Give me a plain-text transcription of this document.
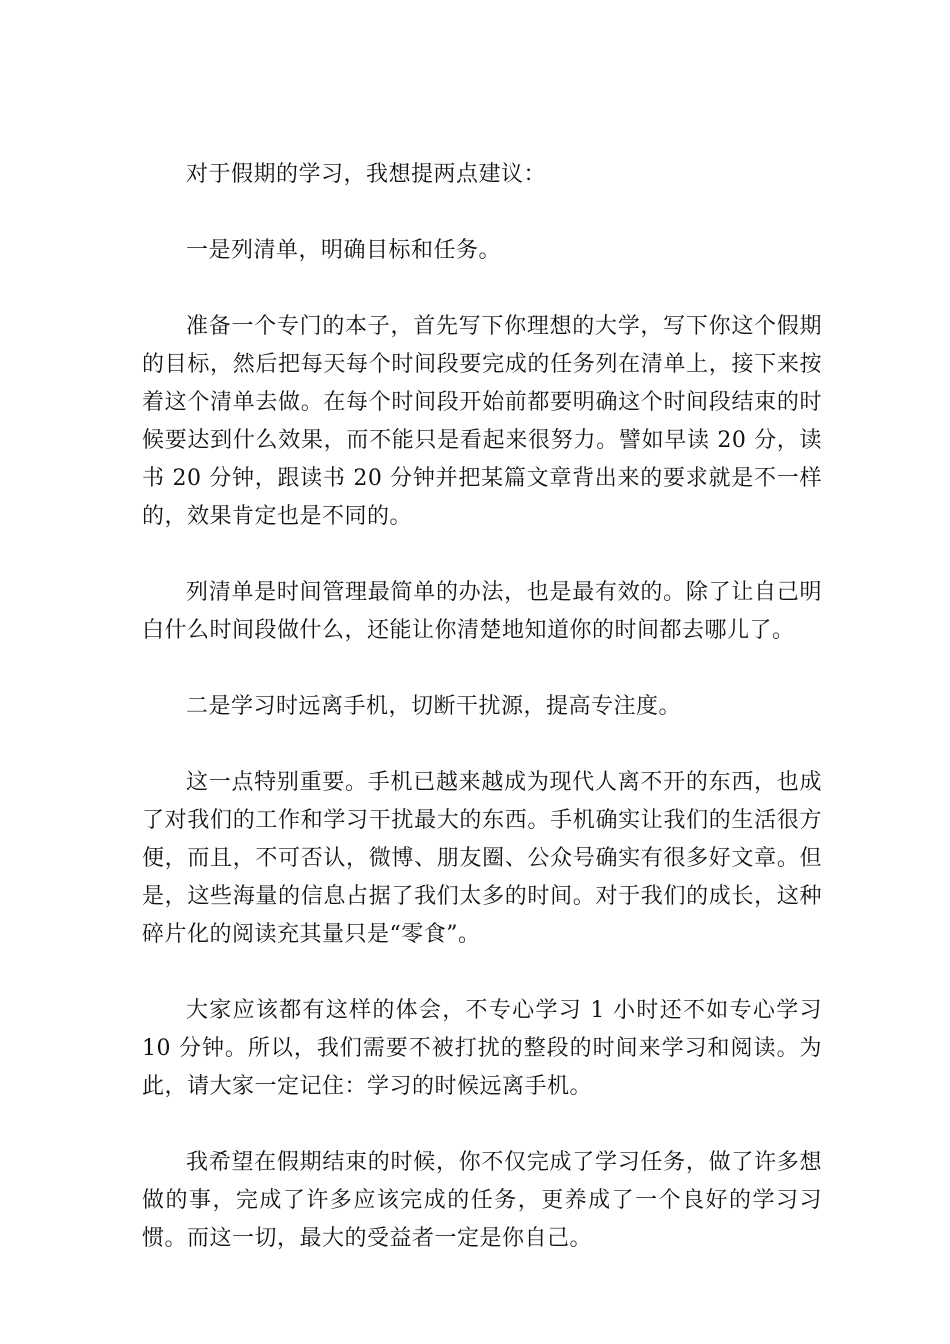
对于假期的学习，我想提两点建议：

一是列清单，明确目标和任务。

准备一个专门的本子，首先写下你理想的大学，写下你这个假期的目标，然后把每天每个时间段要完成的任务列在清单上，接下来按着这个清单去做。在每个时间段开始前都要明确这个时间段结束的时候要达到什么效果，而不能只是看起来很努力。譬如早读 20 分，读书 20 分钟，跟读书 20 分钟并把某篇文章背出来的要求就是不一样的，效果肯定也是不同的。

列清单是时间管理最简单的办法，也是最有效的。除了让自己明白什么时间段做什么，还能让你清楚地知道你的时间都去哪儿了。

二是学习时远离手机，切断干扰源，提高专注度。

这一点特别重要。手机已越来越成为现代人离不开的东西，也成了对我们的工作和学习干扰最大的东西。手机确实让我们的生活很方便，而且，不可否认，微博、朋友圈、公众号确实有很多好文章。但是，这些海量的信息占据了我们太多的时间。对于我们的成长，这种碎片化的阅读充其量只是“零食”。

大家应该都有这样的体会，不专心学习 1 小时还不如专心学习 10 分钟。所以，我们需要不被打扰的整段的时间来学习和阅读。为此，请大家一定记住：学习的时候远离手机。

我希望在假期结束的时候，你不仅完成了学习任务，做了许多想做的事，完成了许多应该完成的任务，更养成了一个良好的学习习惯。而这一切，最大的受益者一定是你自己。
